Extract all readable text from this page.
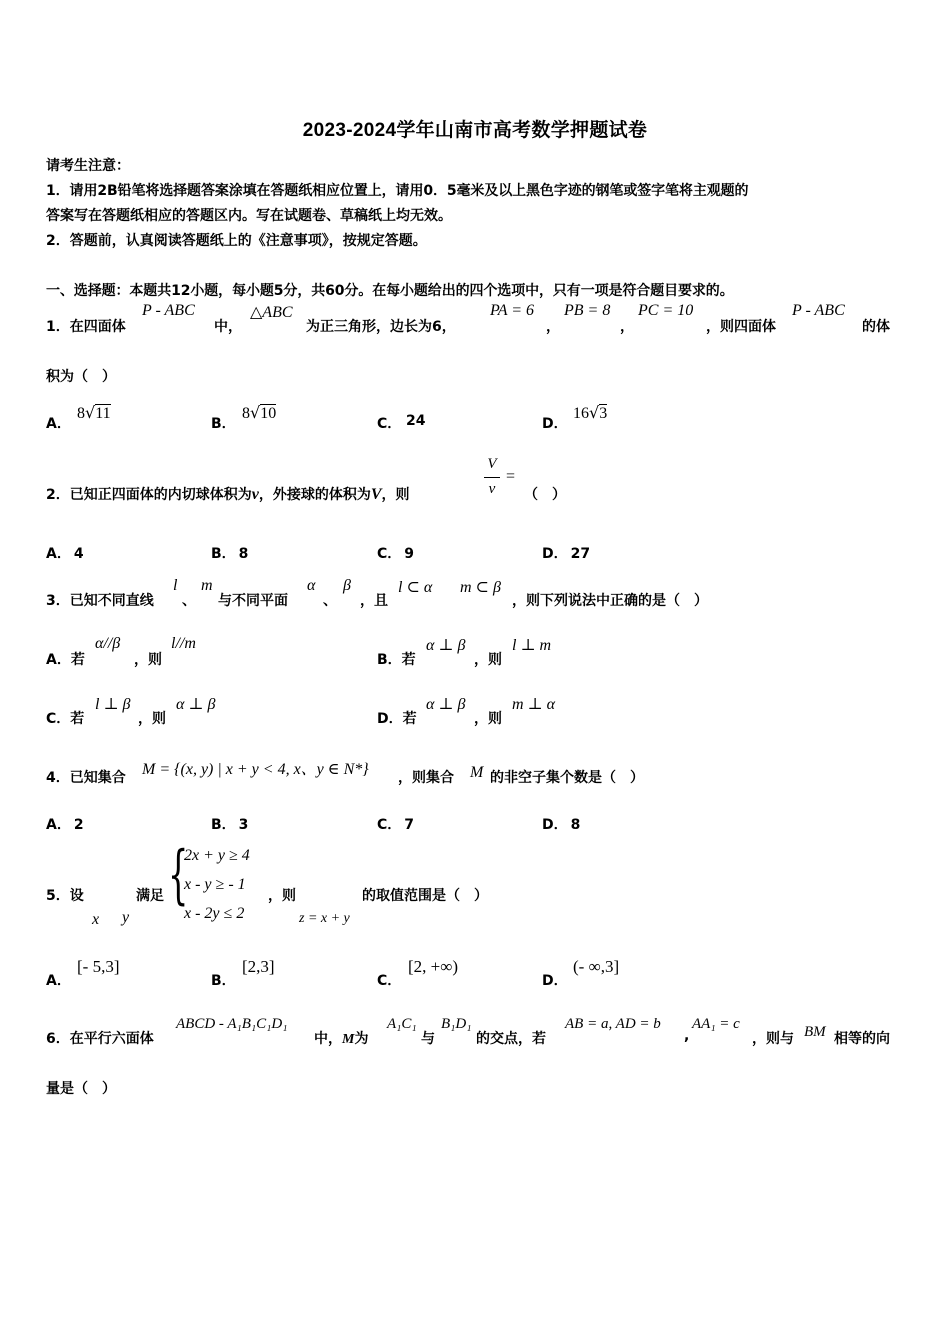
2023-2024学年山南市高考数学押题试卷
请考生注意：
1．请用2B铅笔将选择题答案涂填在答题纸相应位置上，请用0．5毫米及以上黑色字迹的钢笔或签字笔将主观题的
答案写在答题纸相应的答题区内。写在试题卷、草稿纸上均无效。
2．答题前，认真阅读答题纸上的《注意事项》，按规定答题。
一、选择题：本题共12小题，每小题5分，共60分。在每小题给出的四个选项中，只有一项是符合题目要求的。
1．在四面体
P - ABC
中，
△ABC
为正三角形，边长为6，
PA = 6
，
PB = 8
，
PC = 10
，则四面体
P - ABC
的体
积为（　）
A．
8√11
B．
8√10
C． 24	D．
16√3
2．已知正四面体的内切球体积为v，外接球的体积为V，则
V
v
=
（　）
A． 4	B． 8	C． 9	D． 27
3．已知不同直线
l
、
m
与不同平面
α
、
β
，且
l ⊂ α m ⊂ β
，则下列说法中正确的是（　）
A．若
α//β
，则
l//m
B．若
α ⊥ β
，则
l ⊥ m
C．若
l ⊥ β
，则
α ⊥ β
D．若
α ⊥ β
，则
m ⊥ α
4．已知集合 M = {(x, y) | x + y < 4, x、y ∈ N*} ，则集合 M 的非空子集个数是（　）
A． 2	B． 3	C． 7	D． 8
5．设
x
满足
y
{
2x + y ≥ 4
x - y ≥ - 1
x - 2y ≤ 2
，则
z = x + y
的取值范围是（　）
A．
[- 5,3]
B．
[2,3]
C．
[2, +∞)
D．
(- ∞,3]
6．在平行六面体
ABCD - A₁B₁C₁D₁
中，M为
A₁C₁
与
B₁D₁
的交点，若
AB = a, AD = b
,
AA₁ = c
，则与 BM 相等的向
量是（　）
